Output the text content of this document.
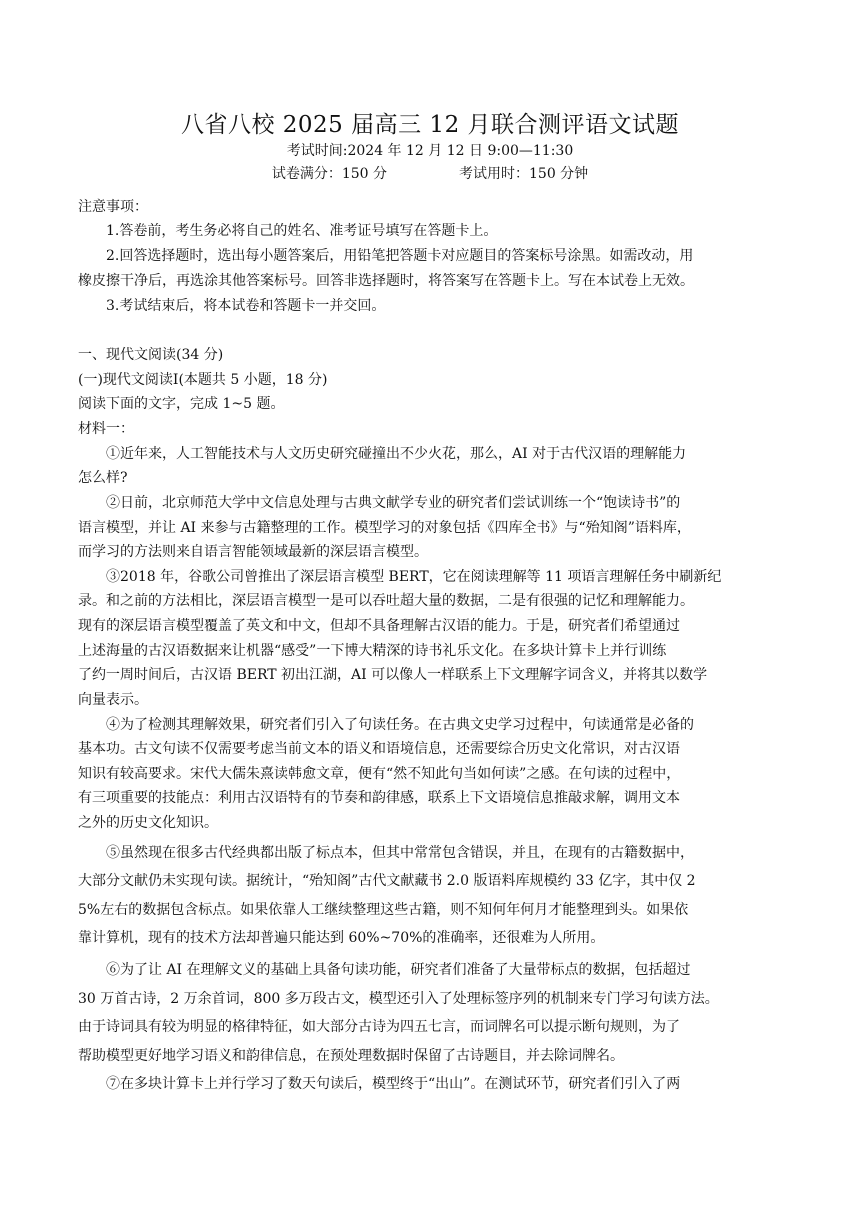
八省八校 2025 届高三 12 月联合测评语文试题
考试时间:2024 年 12 月 12 日 9:00—11:30
试卷满分：150 分	考试用时：150 分钟
注意事项：
1.答卷前，考生务必将自己的姓名、准考证号填写在答题卡上。
2.回答选择题时，选出每小题答案后，用铅笔把答题卡对应题目的答案标号涂黑。如需改动，用
橡皮擦干净后，再选涂其他答案标号。回答非选择题时，将答案写在答题卡上。写在本试卷上无效。
3.考试结束后，将本试卷和答题卡一并交回。
一、现代文阅读(34 分)
(一)现代文阅读Ⅰ(本题共 5 小题，18 分)
阅读下面的文字，完成 1~5 题。
材料一：
①近年来，人工智能技术与人文历史研究碰撞出不少火花，那么，AI 对于古代汉语的理解能力
怎么样?
②日前，北京师范大学中文信息处理与古典文献学专业的研究者们尝试训练一个“饱读诗书”的
语言模型，并让 AI 来参与古籍整理的工作。模型学习的对象包括《四库全书》与“殆知阁”语料库，
而学习的方法则来自语言智能领域最新的深层语言模型。
③2018 年，谷歌公司曾推出了深层语言模型 BERT，它在阅读理解等 11 项语言理解任务中刷新纪
录。和之前的方法相比，深层语言模型一是可以吞吐超大量的数据，二是有很强的记忆和理解能力。
现有的深层语言模型覆盖了英文和中文，但却不具备理解古汉语的能力。于是，研究者们希望通过
上述海量的古汉语数据来让机器“感受”一下博大精深的诗书礼乐文化。在多块计算卡上并行训练
了约一周时间后，古汉语 BERT 初出江湖，AI 可以像人一样联系上下文理解字词含义，并将其以数学
向量表示。
④为了检测其理解效果，研究者们引入了句读任务。在古典文史学习过程中，句读通常是必备的
基本功。古文句读不仅需要考虑当前文本的语义和语境信息，还需要综合历史文化常识，对古汉语
知识有较高要求。宋代大儒朱熹读韩愈文章，便有“然不知此句当如何读”之感。在句读的过程中，
有三项重要的技能点：利用古汉语特有的节奏和韵律感，联系上下文语境信息推敲求解，调用文本
之外的历史文化知识。
⑤虽然现在很多古代经典都出版了标点本，但其中常常包含错误，并且，在现有的古籍数据中，
大部分文献仍未实现句读。据统计，“殆知阁”古代文献藏书 2.0 版语料库规模约 33 亿字，其中仅 2
5%左右的数据包含标点。如果依靠人工继续整理这些古籍，则不知何年何月才能整理到头。如果依
靠计算机，现有的技术方法却普遍只能达到 60%~70%的准确率，还很难为人所用。
⑥为了让 AI 在理解文义的基础上具备句读功能，研究者们准备了大量带标点的数据，包括超过
30 万首古诗，2 万余首词，800 多万段古文，模型还引入了处理标签序列的机制来专门学习句读方法。
由于诗词具有较为明显的格律特征，如大部分古诗为四五七言，而词牌名可以提示断句规则，为了
帮助模型更好地学习语义和韵律信息，在预处理数据时保留了古诗题目，并去除词牌名。
⑦在多块计算卡上并行学习了数天句读后，模型终于“出山”。在测试环节，研究者们引入了两
